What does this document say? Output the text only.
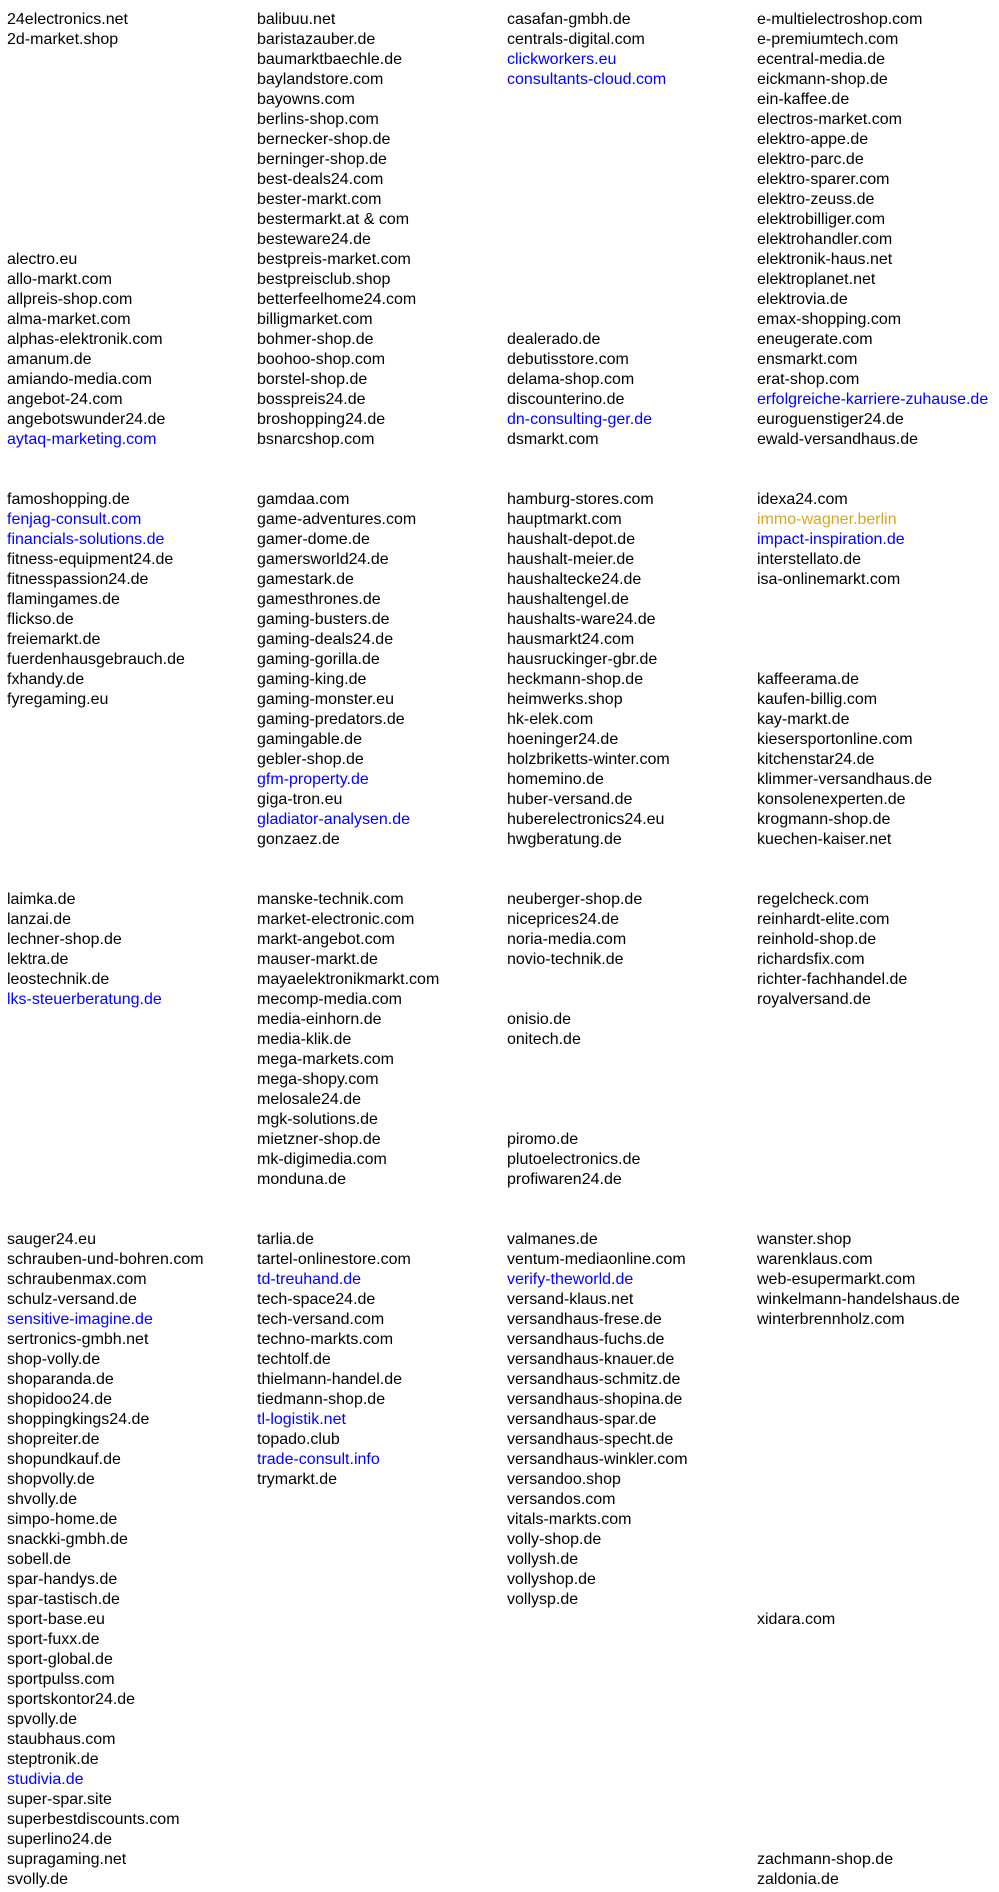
24electronics.net
2d-market.shop
alectro.eu
allo-markt.com
allpreis-shop.com
alma-market.com
alphas-elektronik.com
amanum.de
amiando-media.com
angebot-24.com
angebotswunder24.de
aytaq-marketing.com
famoshopping.de
fenjag-consult.com
financials-solutions.de
fitness-equipment24.de
fitnesspassion24.de
flamingames.de
flickso.de
freiemarkt.de
fuerdenhausgebrauch.de
fxhandy.de
fyregaming.eu
laimka.de
lanzai.de
lechner-shop.de
lektra.de
leostechnik.de
lks-steuerberatung.de
sauger24.eu
schrauben-und-bohren.com
schraubenmax.com
schulz-versand.de
sensitive-imagine.de
sertronics-gmbh.net
shop-volly.de
shoparanda.de
shopidoo24.de
shoppingkings24.de
shopreiter.de
shopundkauf.de
shopvolly.de
shvolly.de
simpo-home.de
snackki-gmbh.de
sobell.de
spar-handys.de
spar-tastisch.de
sport-base.eu
sport-fuxx.de
sport-global.de
sportpulss.com
sportskontor24.de
spvolly.de
staubhaus.com
steptronik.de
studivia.de
super-spar.site
superbestdiscounts.com
superlino24.de
supragaming.net
svolly.de
balibuu.net
baristazauber.de
baumarktbaechle.de
baylandstore.com
bayowns.com
berlins-shop.com
bernecker-shop.de
berninger-shop.de
best-deals24.com
bester-markt.com
bestermarkt.at & com
besteware24.de
bestpreis-market.com
bestpreisclub.shop
betterfeelhome24.com
billigmarket.com
bohmer-shop.de
boohoo-shop.com
borstel-shop.de
bosspreis24.de
broshopping24.de
bsnarcshop.com
gamdaa.com
game-adventures.com
gamer-dome.de
gamersworld24.de
gamestark.de
gamesthrones.de
gaming-busters.de
gaming-deals24.de
gaming-gorilla.de
gaming-king.de
gaming-monster.eu
gaming-predators.de
gamingable.de
gebler-shop.de
gfm-property.de
giga-tron.eu
gladiator-analysen.de
gonzaez.de
manske-technik.com
market-electronic.com
markt-angebot.com
mauser-markt.de
mayaelektronikmarkt.com
mecomp-media.com
media-einhorn.de
media-klik.de
mega-markets.com
mega-shopy.com
melosale24.de
mgk-solutions.de
mietzner-shop.de
mk-digimedia.com
monduna.de
tarlia.de
tartel-onlinestore.com
td-treuhand.de
tech-space24.de
tech-versand.com
techno-markts.com
techtolf.de
thielmann-handel.de
tiedmann-shop.de
tl-logistik.net
topado.club
trade-consult.info
trymarkt.de
casafan-gmbh.de
centrals-digital.com
clickworkers.eu
consultants-cloud.com
dealerado.de
debutisstore.com
delama-shop.com
discounterino.de
dn-consulting-ger.de
dsmarkt.com
hamburg-stores.com
hauptmarkt.com
haushalt-depot.de
haushalt-meier.de
haushaltecke24.de
haushaltengel.de
haushalts-ware24.de
hausmarkt24.com
hausruckinger-gbr.de
heckmann-shop.de
heimwerks.shop
hk-elek.com
hoeninger24.de
holzbriketts-winter.com
homemino.de
huber-versand.de
huberelectronics24.eu
hwgberatung.de
neuberger-shop.de
niceprices24.de
noria-media.com
novio-technik.de
onisio.de
onitech.de
piromo.de
plutoelectronics.de
profiwaren24.de
valmanes.de
ventum-mediaonline.com
verify-theworld.de
versand-klaus.net
versandhaus-frese.de
versandhaus-fuchs.de
versandhaus-knauer.de
versandhaus-schmitz.de
versandhaus-shopina.de
versandhaus-spar.de
versandhaus-specht.de
versandhaus-winkler.com
versandoo.shop
versandos.com
vitals-markts.com
volly-shop.de
vollysh.de
vollyshop.de
vollysp.de
e-multielectroshop.com
e-premiumtech.com
ecentral-media.de
eickmann-shop.de
ein-kaffee.de
electros-market.com
elektro-appe.de
elektro-parc.de
elektro-sparer.com
elektro-zeuss.de
elektrobilliger.com
elektrohandler.com
elektronik-haus.net
elektroplanet.net
elektrovia.de
emax-shopping.com
eneugerate.com
ensmarkt.com
erat-shop.com
erfolgreiche-karriere-zuhause.de
euroguenstiger24.de
ewald-versandhaus.de
idexa24.com
immo-wagner.berlin
impact-inspiration.de
interstellato.de
isa-onlinemarkt.com
kaffeerama.de
kaufen-billig.com
kay-markt.de
kiesersportonline.com
kitchenstar24.de
klimmer-versandhaus.de
konsolenexperten.de
krogmann-shop.de
kuechen-kaiser.net
regelcheck.com
reinhardt-elite.com
reinhold-shop.de
richardsfix.com
richter-fachhandel.de
royalversand.de
wanster.shop
warenklaus.com
web-esupermarkt.com
winkelmann-handelshaus.de
winterbrennholz.com
xidara.com
zachmann-shop.de
zaldonia.de
